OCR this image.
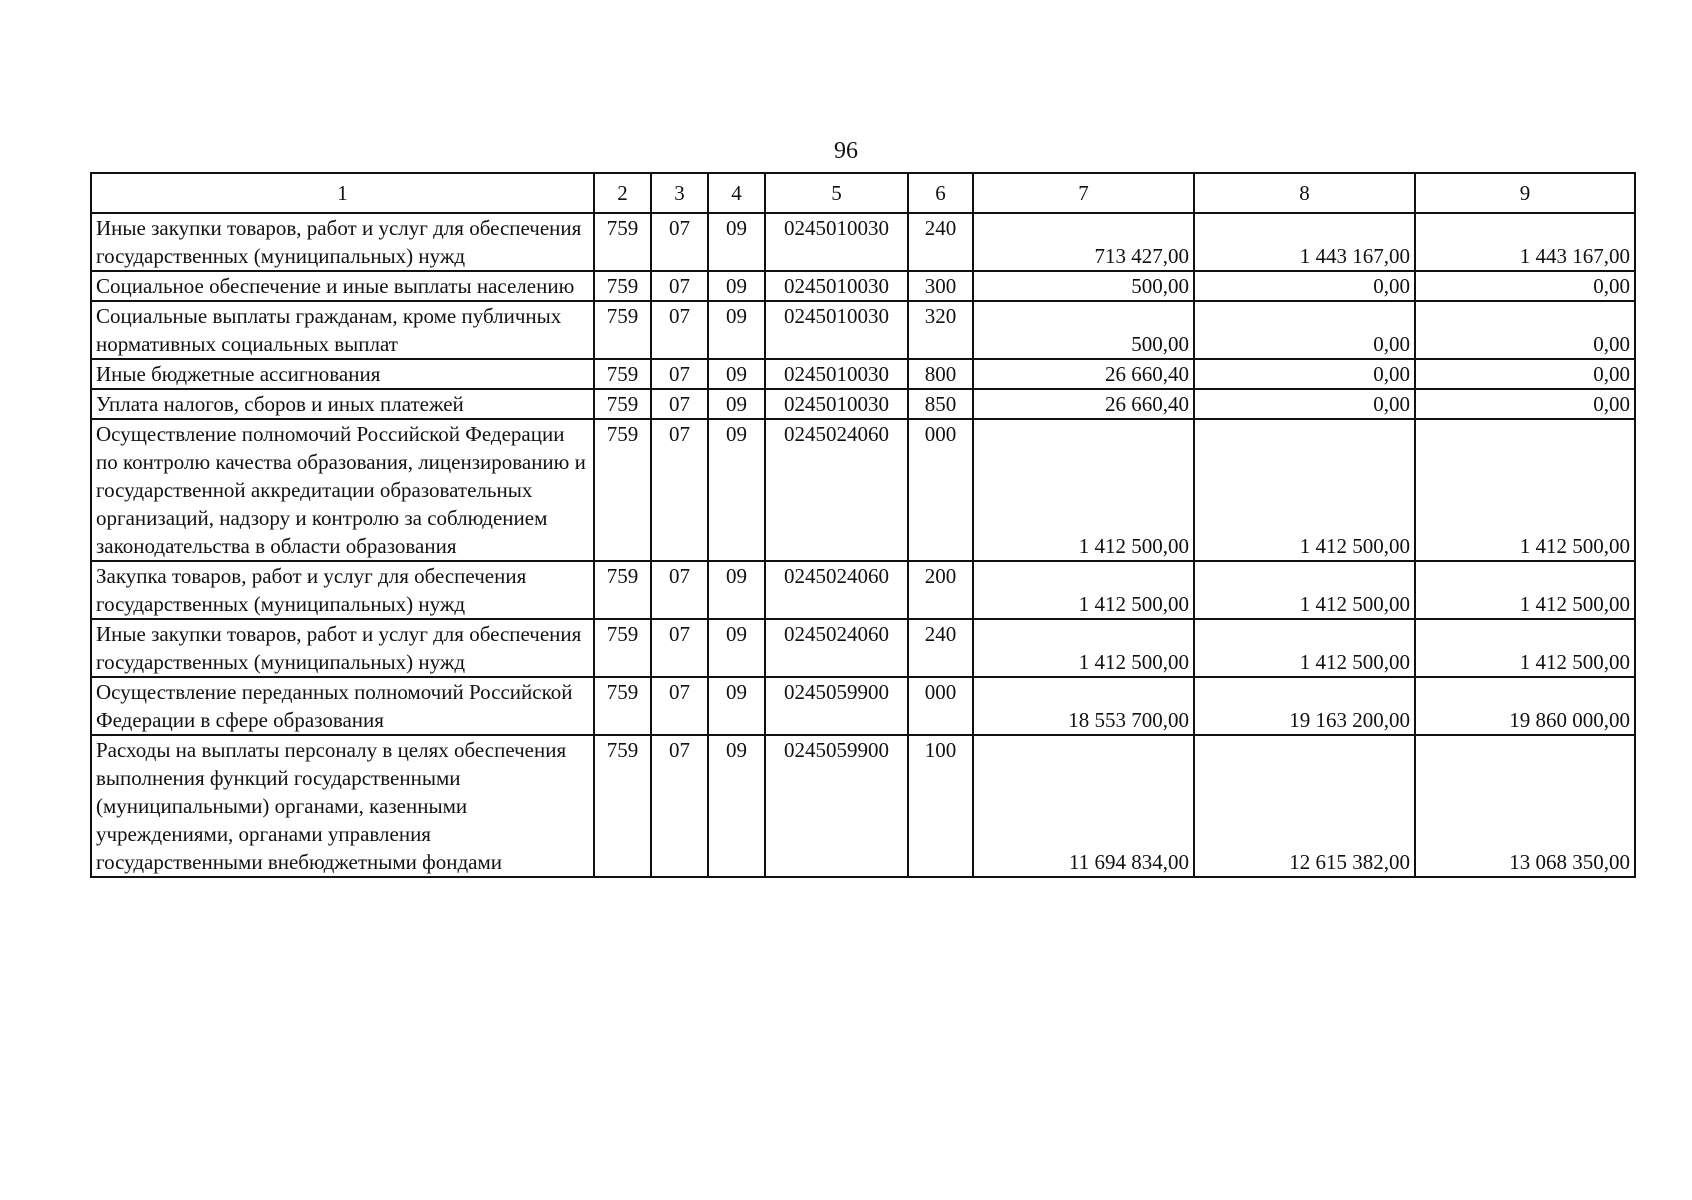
96
1	2	3	4	5	6	7	8	9
Иные закупки товаров, работ и услуг для обеспечения государственных (муниципальных) нужд	759	07	09	0245010030	240	713 427,00	1 443 167,00	1 443 167,00
Социальное обеспечение и иные выплаты населению	759	07	09	0245010030	300	500,00	0,00	0,00
Социальные выплаты гражданам, кроме публичных нормативных социальных выплат	759	07	09	0245010030	320	500,00	0,00	0,00
Иные бюджетные ассигнования	759	07	09	0245010030	800	26 660,40	0,00	0,00
Уплата налогов, сборов и иных платежей	759	07	09	0245010030	850	26 660,40	0,00	0,00
Осуществление полномочий Российской Федерации по контролю качества образования, лицензированию и государственной аккредитации образовательных организаций, надзору и контролю за соблюдением законодательства в области образования	759	07	09	0245024060	000	1 412 500,00	1 412 500,00	1 412 500,00
Закупка товаров, работ и услуг для обеспечения государственных (муниципальных) нужд	759	07	09	0245024060	200	1 412 500,00	1 412 500,00	1 412 500,00
Иные закупки товаров, работ и услуг для обеспечения государственных (муниципальных) нужд	759	07	09	0245024060	240	1 412 500,00	1 412 500,00	1 412 500,00
Осуществление переданных полномочий Российской Федерации в сфере образования	759	07	09	0245059900	000	18 553 700,00	19 163 200,00	19 860 000,00
Расходы на выплаты персоналу в целях обеспечения выполнения функций государственными (муниципальными) органами, казенными учреждениями, органами управления государственными внебюджетными фондами	759	07	09	0245059900	100	11 694 834,00	12 615 382,00	13 068 350,00
